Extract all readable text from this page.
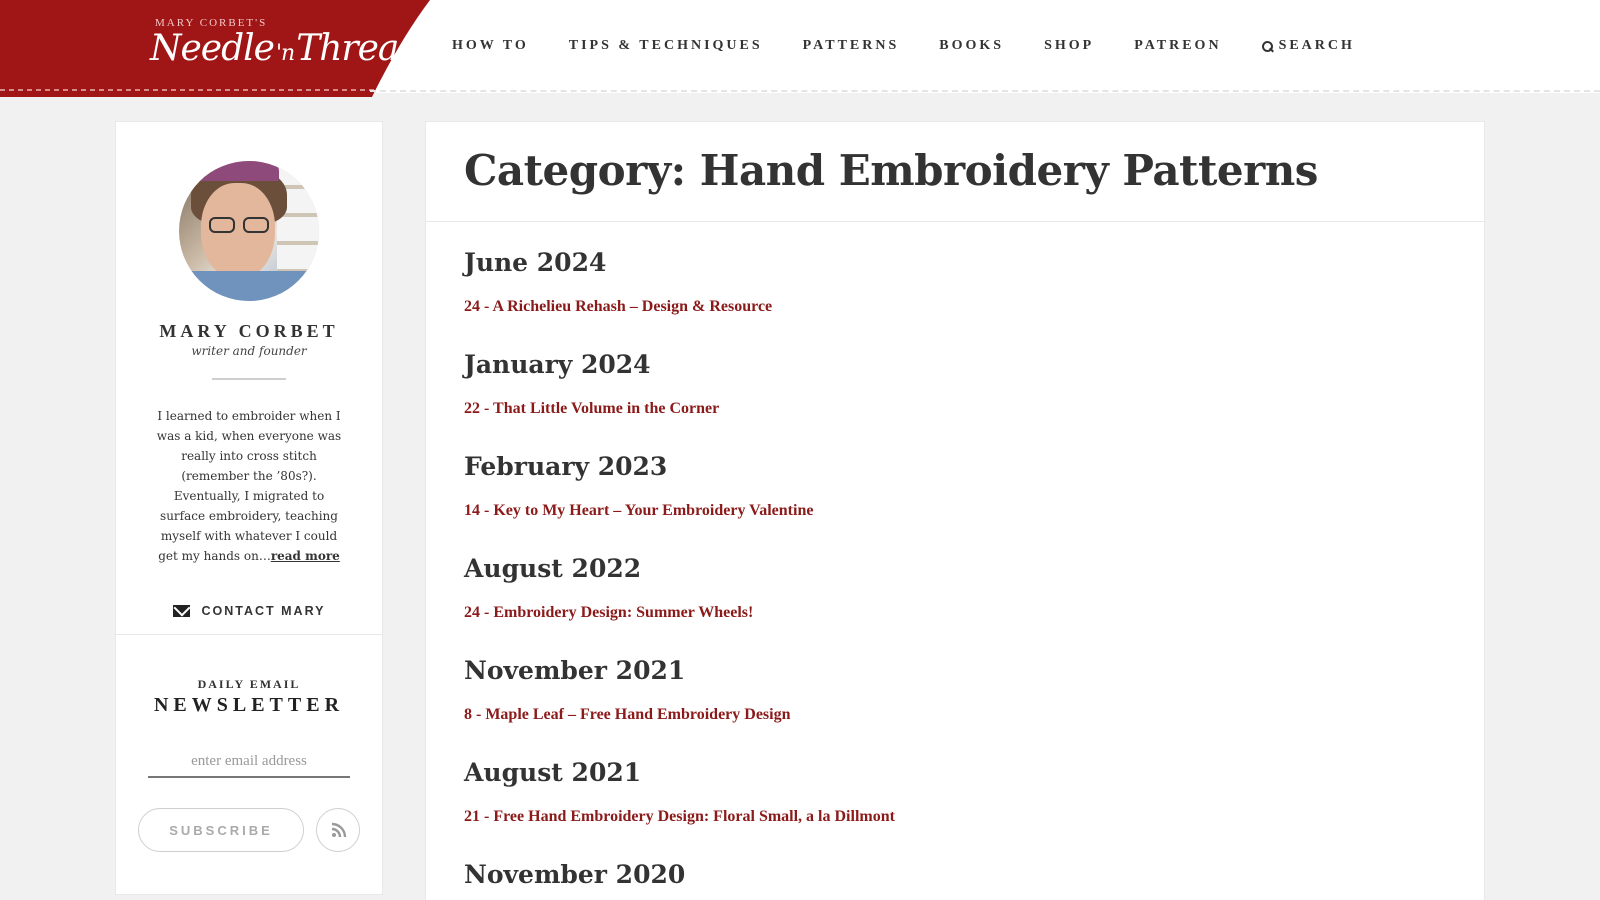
MARY CORBET'S
Needle'nThread HOW TO	TIPS & TECHNIQUES	PATTERNS	BOOKS	SHOP	PATREON	SEARCH
MARY CORBET
writer and founder

I learned to embroider when I was a kid, when everyone was really into cross stitch (remember the ’80s?). Eventually, I migrated to surface embroidery, teaching myself with whatever I could get my hands on…read more

CONTACT MARY
DAILY EMAIL
NEWSLETTER
enter email address
SUBSCRIBE
Category: Hand Embroidery Patterns
June 2024
24 - A Richelieu Rehash – Design & Resource
January 2024
22 - That Little Volume in the Corner
February 2023
14 - Key to My Heart – Your Embroidery Valentine
August 2022
24 - Embroidery Design: Summer Wheels!
November 2021
8 - Maple Leaf – Free Hand Embroidery Design
August 2021
21 - Free Hand Embroidery Design: Floral Small, a la Dillmont
November 2020
